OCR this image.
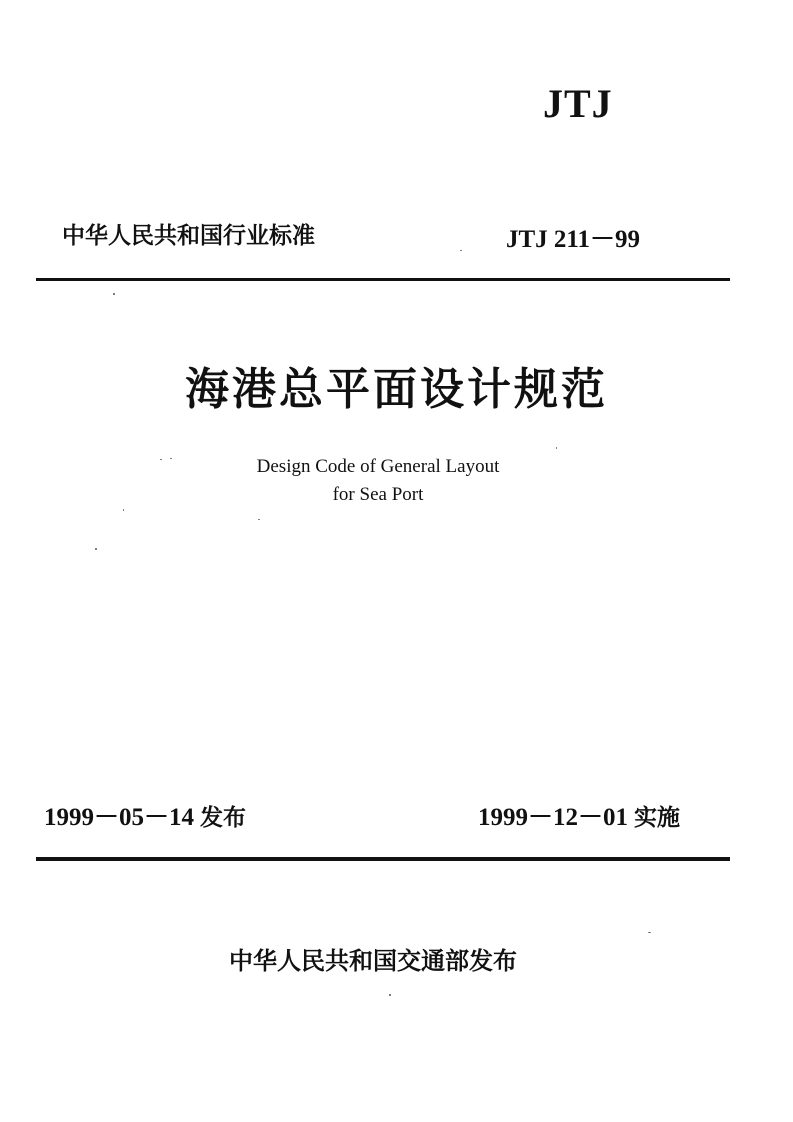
JTJ
中华人民共和国行业标准	JTJ 211－99
海港总平面设计规范
Design Code of General Layout
for Sea Port
1999－05－14 发布	1999－12－01 实施
中华人民共和国交通部发布
